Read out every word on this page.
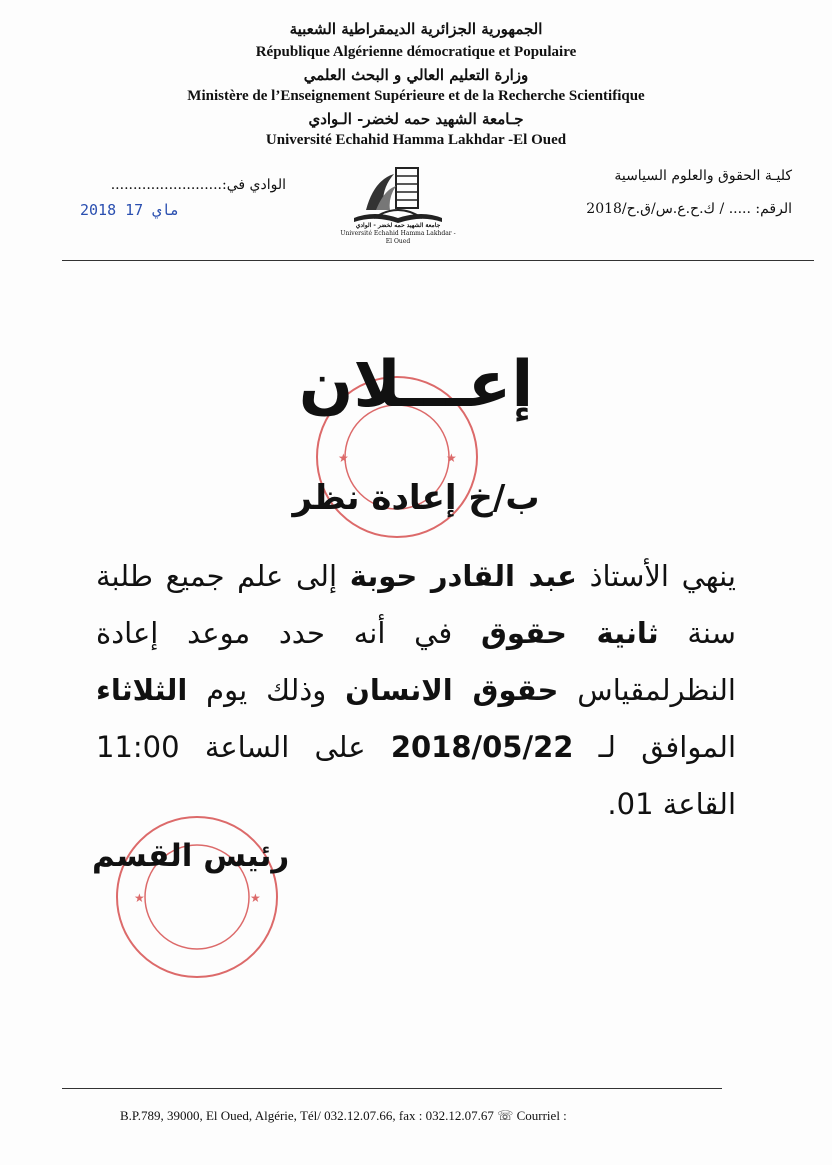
الجمهورية الجزائرية الديمقراطية الشعبية
République Algérienne démocratique et Populaire
وزارة التعليم العالي و البحث العلمي
Ministère de l’Enseignement Supérieure et de la Recherche Scientifique
جـامعة الشهيد حمه لخضر- الـوادي
Université Echahid Hamma Lakhdar -El Oued
كليـة الحقوق والعلوم السياسية
الرقم: ..... / ك.ح.ع.س/ق.ح/2018
الوادي في:.........................
2018 ماي 17
جامعة الشهيد حمه لخضر - الوادي
Université Echahid Hamma Lakhdar - El Oued
★	★
إعـــلان
ب/خ إعادة نظر
ينهي الأستاذ عبد القادر حوبة إلى علم جميع طلبة سنة ثانية حقوق في أنه حدد موعد إعادة النظرلمقياس حقوق الانسان وذلك يوم الثلاثاء الموافق لـ 2018/05/22 على الساعة 11:00 القاعة 01.
★	★
رئيس القسم
B.P.789, 39000, El Oued, Algérie, Tél/ 032.12.07.66, fax : 032.12.07.67 ☏ Courriel :
